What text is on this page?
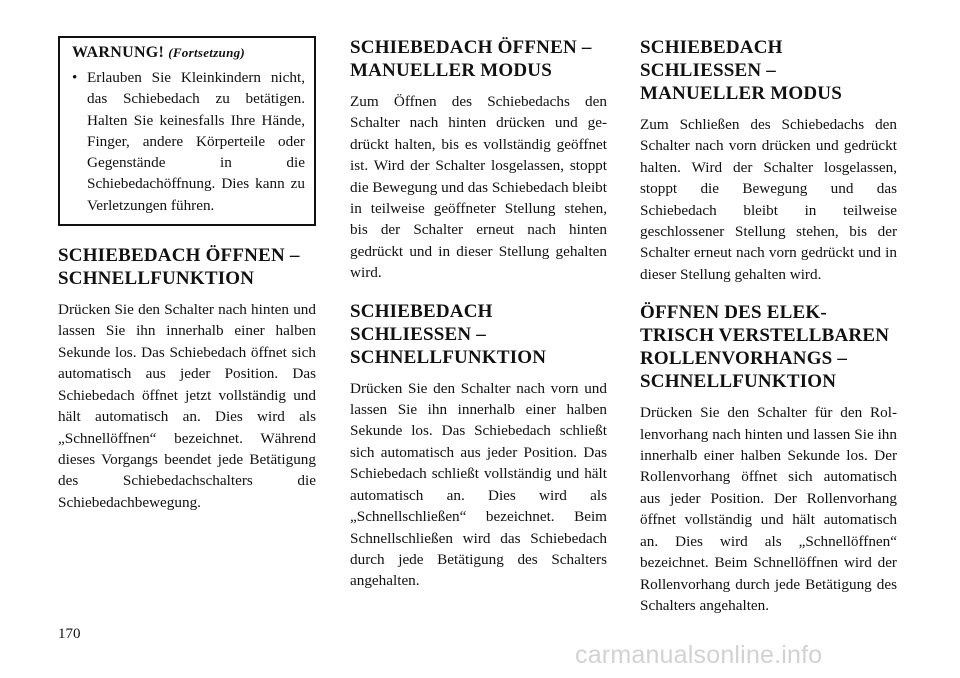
WARNUNG! (Fortsetzung)
• Erlauben Sie Kleinkindern nicht, das Schiebedach zu betätigen. Halten Sie keinesfalls Ihre Hände, Finger, andere Körperteile oder Gegenstände in die Schiebedachöffnung. Dies kann zu Verletzungen führen.
SCHIEBEDACH ÖFFNEN – SCHNELLFUNKTION

Drücken Sie den Schalter nach hinten und lassen Sie ihn innerhalb einer halben Sekunde los. Das Schiebedach öffnet sich automatisch aus jeder Position. Das Schiebedach öffnet jetzt vollständig und hält automatisch an. Dies wird als „Schnellöffnen“ bezeichnet. Während dieses Vorgangs beendet jede Betätigung des Schiebedachschalters die Schiebedachbewegung.

SCHIEBEDACH ÖFFNEN – MANUELLER MODUS

Zum Öffnen des Schiebedachs den Schalter nach hinten drücken und gedrückt halten, bis es vollständig geöffnet ist. Wird der Schalter losgelassen, stoppt die Bewegung und das Schiebedach bleibt in teilweise geöffneter Stellung stehen, bis der Schalter erneut nach hinten gedrückt und in dieser Stellung gehalten wird.

SCHIEBEDACH SCHLIESSEN – SCHNELLFUNKTION

Drücken Sie den Schalter nach vorn und lassen Sie ihn innerhalb einer halben Sekunde los. Das Schiebedach schließt sich automatisch aus jeder Position. Das Schiebedach schließt vollständig und hält automatisch an. Dies wird als „Schnellschließen“ bezeichnet. Beim Schnellschließen wird das Schiebedach durch jede Betätigung des Schalters angehalten.

SCHIEBEDACH SCHLIESSEN – MANUELLER MODUS

Zum Schließen des Schiebedachs den Schalter nach vorn drücken und gedrückt halten. Wird der Schalter losgelassen, stoppt die Bewegung und das Schiebedach bleibt in teilweise geschlossener Stellung stehen, bis der Schalter erneut nach vorn gedrückt und in dieser Stellung gehalten wird.

ÖFFNEN DES ELEK- TRISCH VERSTELLBAREN ROLLENVORHANGS – SCHNELLFUNKTION

Drücken Sie den Schalter für den Rollenvorhang nach hinten und lassen Sie ihn innerhalb einer halben Sekunde los. Der Rollenvorhang öffnet sich automatisch aus jeder Position. Der Rollenvorhang öffnet vollständig und hält automatisch an. Dies wird als „Schnellöffnen“ bezeichnet. Beim Schnellöffnen wird der Rollenvorhang durch jede Betätigung des Schalters angehalten.

170
carmanualsonline.info
